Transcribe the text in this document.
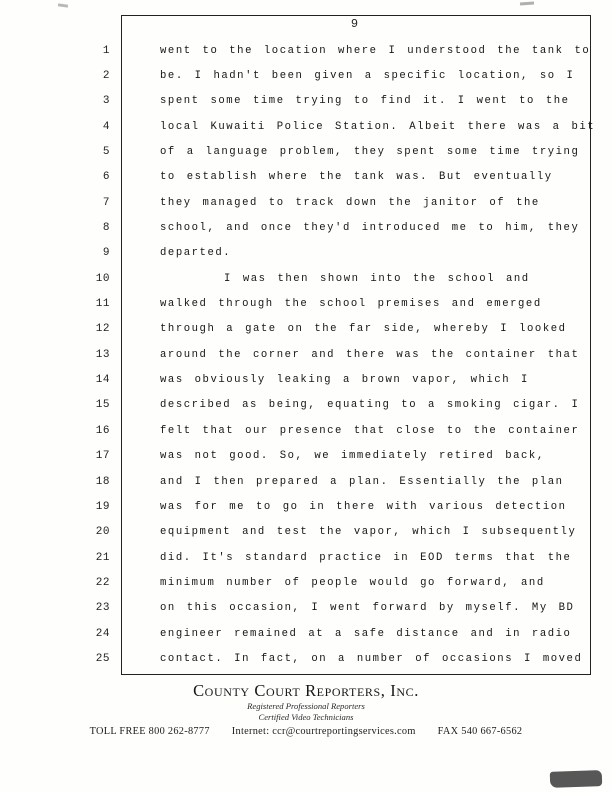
9
1	went to the location where I understood the tank to
2	be. I hadn't been given a specific location, so I
3	spent some time trying to find it. I went to the
4	local Kuwaiti Police Station. Albeit there was a bit
5	of a language problem, they spent some time trying
6	to establish where the tank was. But eventually
7	they managed to track down the janitor of the
8	school, and once they'd introduced me to him, they
9	departed.
10	I was then shown into the school and
11	walked through the school premises and emerged
12	through a gate on the far side, whereby I looked
13	around the corner and there was the container that
14	was obviously leaking a brown vapor, which I
15	described as being, equating to a smoking cigar. I
16	felt that our presence that close to the container
17	was not good. So, we immediately retired back,
18	and I then prepared a plan. Essentially the plan
19	was for me to go in there with various detection
20	equipment and test the vapor, which I subsequently
21	did. It's standard practice in EOD terms that the
22	minimum number of people would go forward, and
23	on this occasion, I went forward by myself. My BD
24	engineer remained at a safe distance and in radio
25	contact. In fact, on a number of occasions I moved
County Court Reporters, Inc.
Registered Professional Reporters
Certified Video Technicians
TOLL FREE 800 262-8777 Internet: ccr@courtreportingservices.com FAX 540 667-6562
